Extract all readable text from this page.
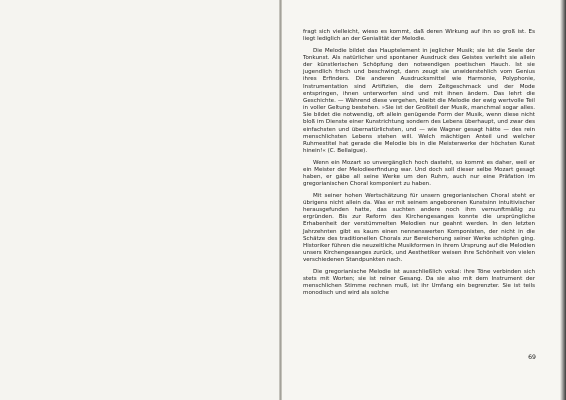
fragt sich vielleicht, wieso es kommt, daß deren Wirkung auf ihn so groß ist. Es liegt lediglich an der Genialität der Melodie.

Die Melodie bildet das Hauptelement in jeglicher Musik; sie ist die Seele der Tonkunst. Als natürlicher und spontaner Ausdruck des Geistes verleiht sie allein der künstlerischen Schöpfung den notwendigen poetischen Hauch. Ist sie jugendlich frisch und beschwingt, dann zeugt sie unwiderstehlich vom Genius ihres Erfinders. Die anderen Ausdrucksmittel wie Harmonie, Polyphonie, Instrumentation sind Artifizien, die dem Zeitgeschmack und der Mode entspringen, ihnen unterworfen sind und mit ihnen ändern. Das lehrt die Geschichte. — Während diese vergehen, bleibt die Melodie der ewig wertvolle Teil in voller Geltung bestehen. »Sie ist der Großteil der Musik, manchmal sogar alles. Sie bildet die notwendig, oft allein genügende Form der Musik, wenn diese nicht bloß im Dienste einer Kunstrichtung sondern des Lebens überhaupt, und zwar des einfachsten und übernatürlichsten, und — wie Wagner gesagt hätte — des rein menschlichsten Lebens stehen will. Welch mächtigen Anteil und welcher Ruhmestitel hat gerade die Melodie bis in die Meisterwerke der höchsten Kunst hinein!« (C. Bellaigue).

Wenn ein Mozart so unvergänglich hoch dasteht, so kommt es daher, weil er ein Meister der Melodieerfindung war. Und doch soll dieser selbe Mozart gesagt haben, er gäbe all seine Werke um den Ruhm, auch nur eine Präfation im gregorianischen Choral komponiert zu haben.

Mit seiner hohen Wertschätzung für unsern gregorianischen Choral steht er übrigens nicht allein da. Was er mit seinem angeborenen Kunstsinn intuitivischer herausgefunden hatte, das suchten andere noch ihm vernunftmäßig zu ergründen. Bis zur Reform des Kirchengesanges konnte die ursprüngliche Erhabenheit der verstümmelten Melodien nur geahnt werden. In den letzten Jahrzehnten gibt es kaum einen nennenswerten Komponisten, der nicht in die Schätze des traditionellen Chorals zur Bereicherung seiner Werke schöpfen ging. Historiker führen die neuzeitliche Musikformen in ihrem Ursprung auf die Melodien unsers Kirchengesanges zurück, und Aesthetiker weisen ihre Schönheit von vielen verschiedenen Standpunkten nach.

Die gregorianische Melodie ist ausschließlich vokal: ihre Töne verbinden sich stets mit Worten; sie ist reiner Gesang. Da sie also mit dem Instrument der menschlichen Stimme rechnen muß, ist ihr Umfang ein begrenzter. Sie ist teils monodisch und wird als solche

69
